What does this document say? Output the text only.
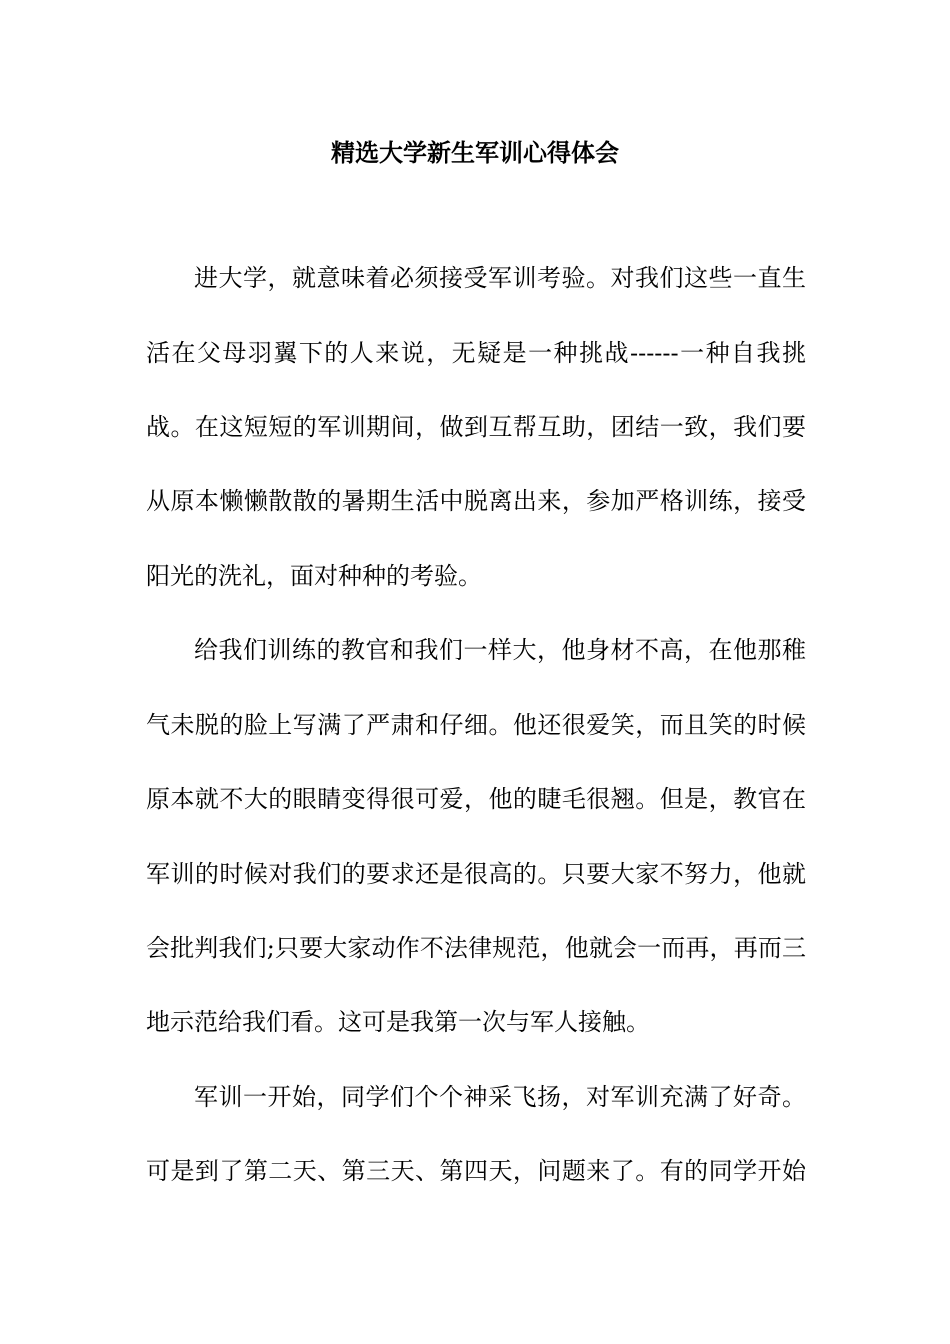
精选大学新生军训心得体会
进大学，就意味着必须接受军训考验。对我们这些一直生
活在父母羽翼下的人来说，无疑是一种挑战------一种自我挑
战。在这短短的军训期间，做到互帮互助，团结一致，我们要
从原本懒懒散散的暑期生活中脱离出来，参加严格训练，接受
阳光的洗礼，面对种种的考验。
给我们训练的教官和我们一样大，他身材不高，在他那稚
气未脱的脸上写满了严肃和仔细。他还很爱笑，而且笑的时候
原本就不大的眼睛变得很可爱，他的睫毛很翘。但是，教官在
军训的时候对我们的要求还是很高的。只要大家不努力，他就
会批判我们;只要大家动作不法律规范，他就会一而再，再而三
地示范给我们看。这可是我第一次与军人接触。
军训一开始，同学们个个神采飞扬，对军训充满了好奇。
可是到了第二天、第三天、第四天，问题来了。有的同学开始
